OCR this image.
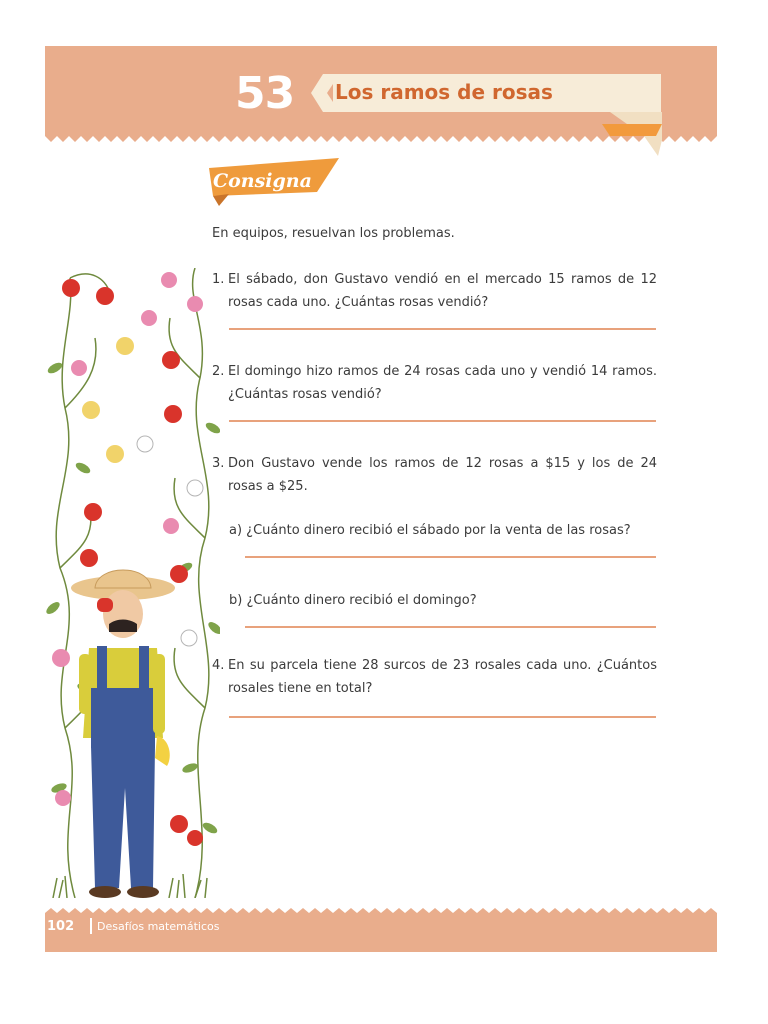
53 Los ramos de rosas
Consigna
En equipos, resuelvan los problemas.
1. El sábado, don Gustavo vendió en el mercado 15 ramos de 12 rosas cada uno. ¿Cuántas rosas vendió?
2. El domingo hizo ramos de 24 rosas cada uno y vendió 14 ramos. ¿Cuántas rosas vendió?
3. Don Gustavo vende los ramos de 12 rosas a $15 y los de 24 rosas a $25.
a) ¿Cuánto dinero recibió el sábado por la venta de las rosas?
b) ¿Cuánto dinero recibió el domingo?
4. En su parcela tiene 28 surcos de 23 rosales cada uno. ¿Cuántos rosales tiene en total?
102 Desafíos matemáticos
